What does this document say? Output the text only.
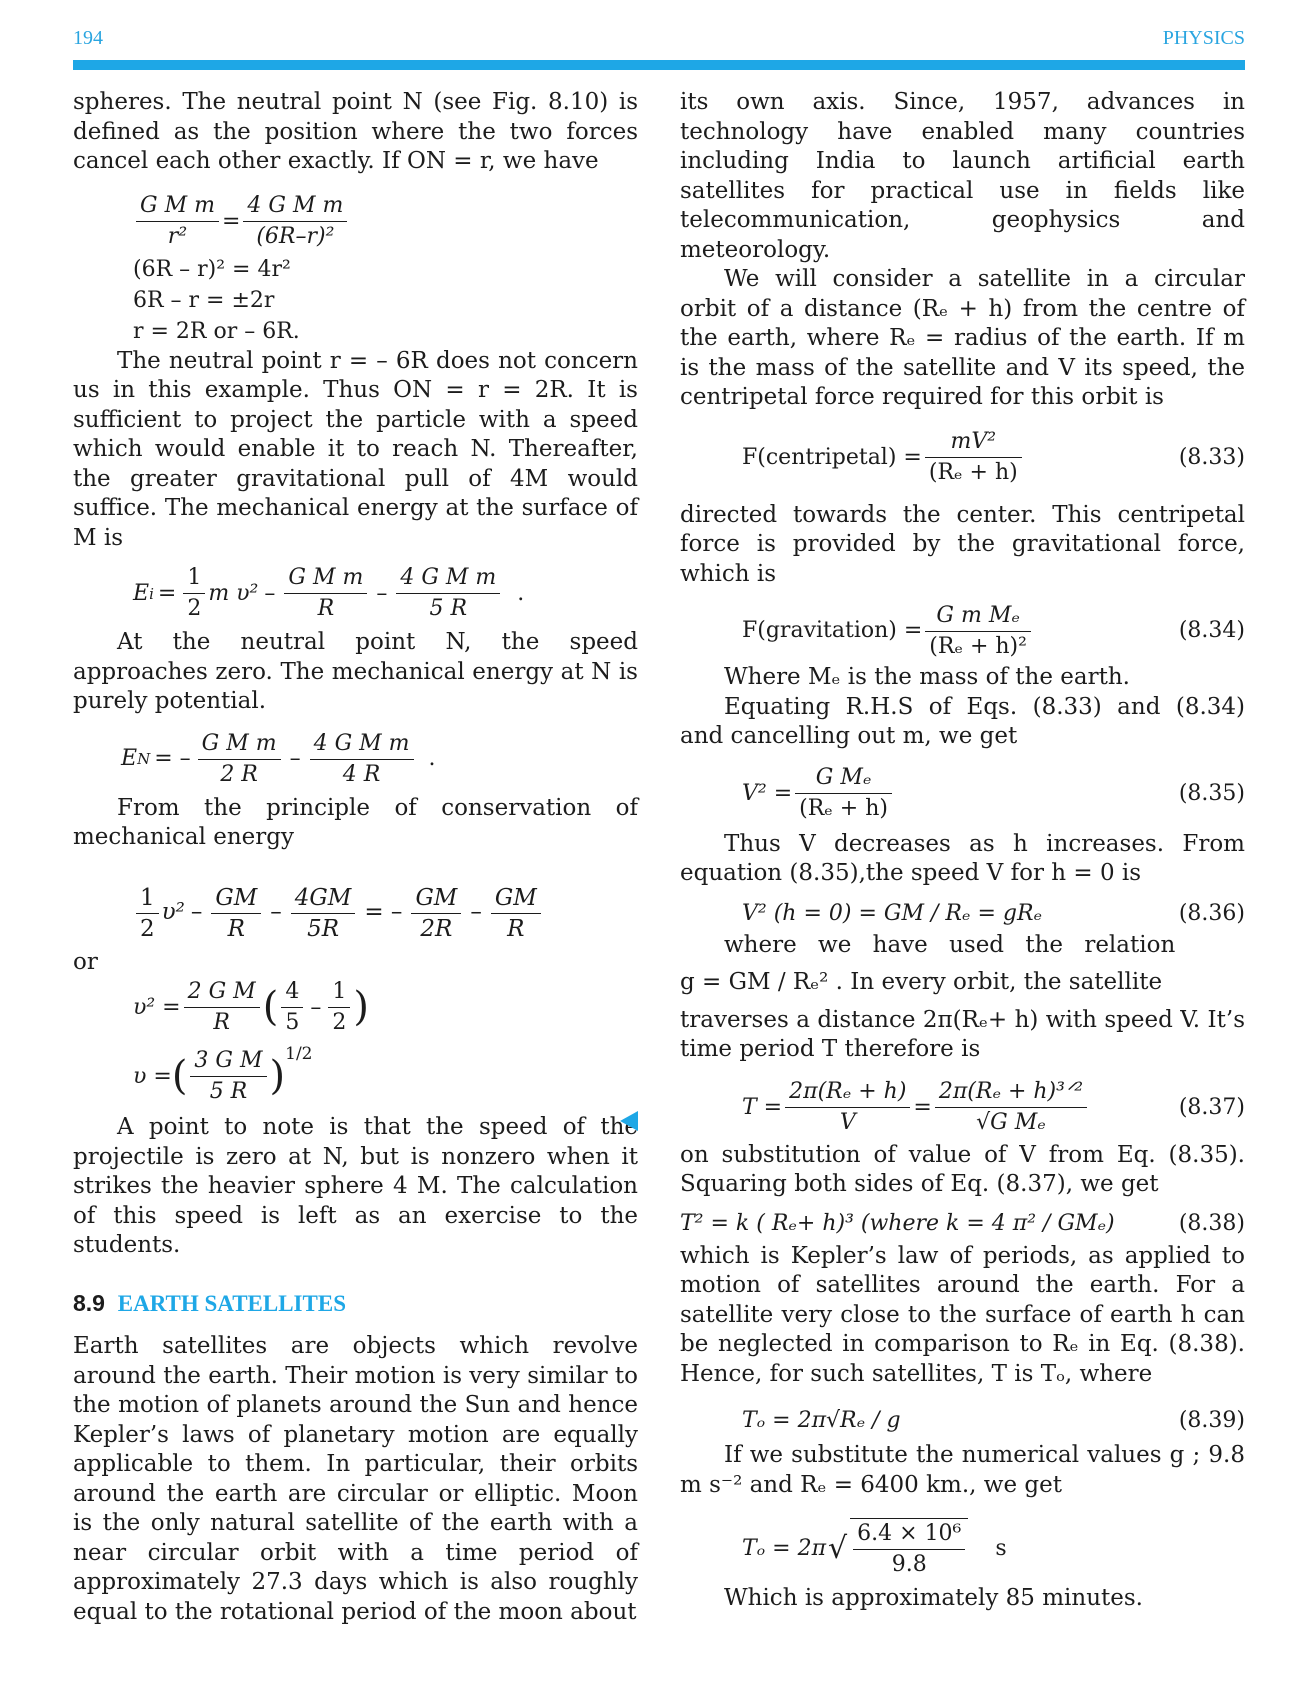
194	PHYSICS

spheres. The neutral point N (see Fig. 8.10) is defined as the position where the two forces cancel each other exactly. If ON = r, we have

$\frac{\text{G M m}}{\text{r²}} = \frac{\text{4 G M m}}{\text{(6R–r)²}}$
(6R – r)² = 4r²
6R – r = ±2r
r = 2R or – 6R.

The neutral point r = – 6R does not concern us in this example. Thus ON = r = 2R. It is sufficient to project the particle with a speed which would enable it to reach N. Thereafter, the greater gravitational pull of 4M would suffice. The mechanical energy at the surface of M is

E $i = \frac{1}{2}$ m $\upsilon^2 - \frac{\text{G M m}}{R} - \frac{\text{4 G M m}}{5 R}$ .

At the neutral point N, the speed approaches zero. The mechanical energy at N is purely potential.

E N = – $\frac{\text{G M m}}{2 R} - \frac{\text{4 G M m}}{4 R}$ .

From the principle of conservation of mechanical energy

$\frac{1}{2} \upsilon^2 - \frac{GM}{R} - \frac{4GM}{5R}$ = – $\frac{GM}{2R} - \frac{GM}{R}$

or

$\upsilon^2 = \frac{\text{2 G M}}{R}$ ( $\frac{4}{5} - \frac{1}{2}$ )
υ = ( $\frac{\text{3 G M}}{5 R}$ ) 1/2

A point to note is that the speed of the projectile is zero at N, but is nonzero when it strikes the heavier sphere 4 M. The calculation of this speed is left as an exercise to the students.

8.9 EARTH SATELLITES

Earth satellites are objects which revolve around the earth. Their motion is very similar to the motion of planets around the Sun and hence Kepler’s laws of planetary motion are equally applicable to them. In particular, their orbits around the earth are circular or elliptic. Moon is the only natural satellite of the earth with a near circular orbit with a time period of approximately 27.3 days which is also roughly equal to the rotational period of the moon about

its own axis. Since, 1957, advances in technology have enabled many countries including India to launch artificial earth satellites for practical use in fields like telecommunication, geophysics and meteorology.

We will consider a satellite in a circular orbit of a distance (Rₑ + h) from the centre of the earth, where Rₑ = radius of the earth. If m is the mass of the satellite and V its speed, the centripetal force required for this orbit is

F(centripetal) = $\frac{\text{mV²}}{\text{(Rₑ + h)}}$	(8.33)

directed towards the center. This centripetal force is provided by the gravitational force, which is

F(gravitation) = $\frac{\text{G m Mₑ}}{\text{(Rₑ + h)²}}$	(8.34)

Where Mₑ is the mass of the earth.

Equating R.H.S of Eqs. (8.33) and (8.34) and cancelling out m, we get

$V^2 = \frac{\text{G Mₑ}}{\text{(Rₑ + h)}}$	(8.35)

Thus V decreases as h increases. From equation (8.35),the speed V for h = 0 is

V² (h = 0) = GM / Rₑ = gRₑ	(8.36)

where we have used the relation

g = GM / Rₑ² . In every orbit, the satellite

traverses a distance 2π(Rₑ+ h) with speed V. It’s time period T therefore is

$T = \frac{\text{2π(Rₑ + h)}}{V} = \frac{\text{2π(Rₑ + h)³ᐟ²}}{\text{√G Mₑ}}$	(8.37)

on substitution of value of V from Eq. (8.35). Squaring both sides of Eq. (8.37), we get

T² = k ( Rₑ+ h)³ (where k = 4 π² / GMₑ)	(8.38)

which is Kepler’s law of periods, as applied to motion of satellites around the earth. For a satellite very close to the surface of earth h can be neglected in comparison to Rₑ in Eq. (8.38). Hence, for such satellites, T is Tₒ, where

Tₒ = 2π√Rₑ / g	(8.39)

If we substitute the numerical values g ; 9.8 m s⁻² and Rₑ = 6400 km., we get

Tₒ = 2π √ $\frac{\text{6.4 × 10⁶}}{9.8}$ s

Which is approximately 85 minutes.
